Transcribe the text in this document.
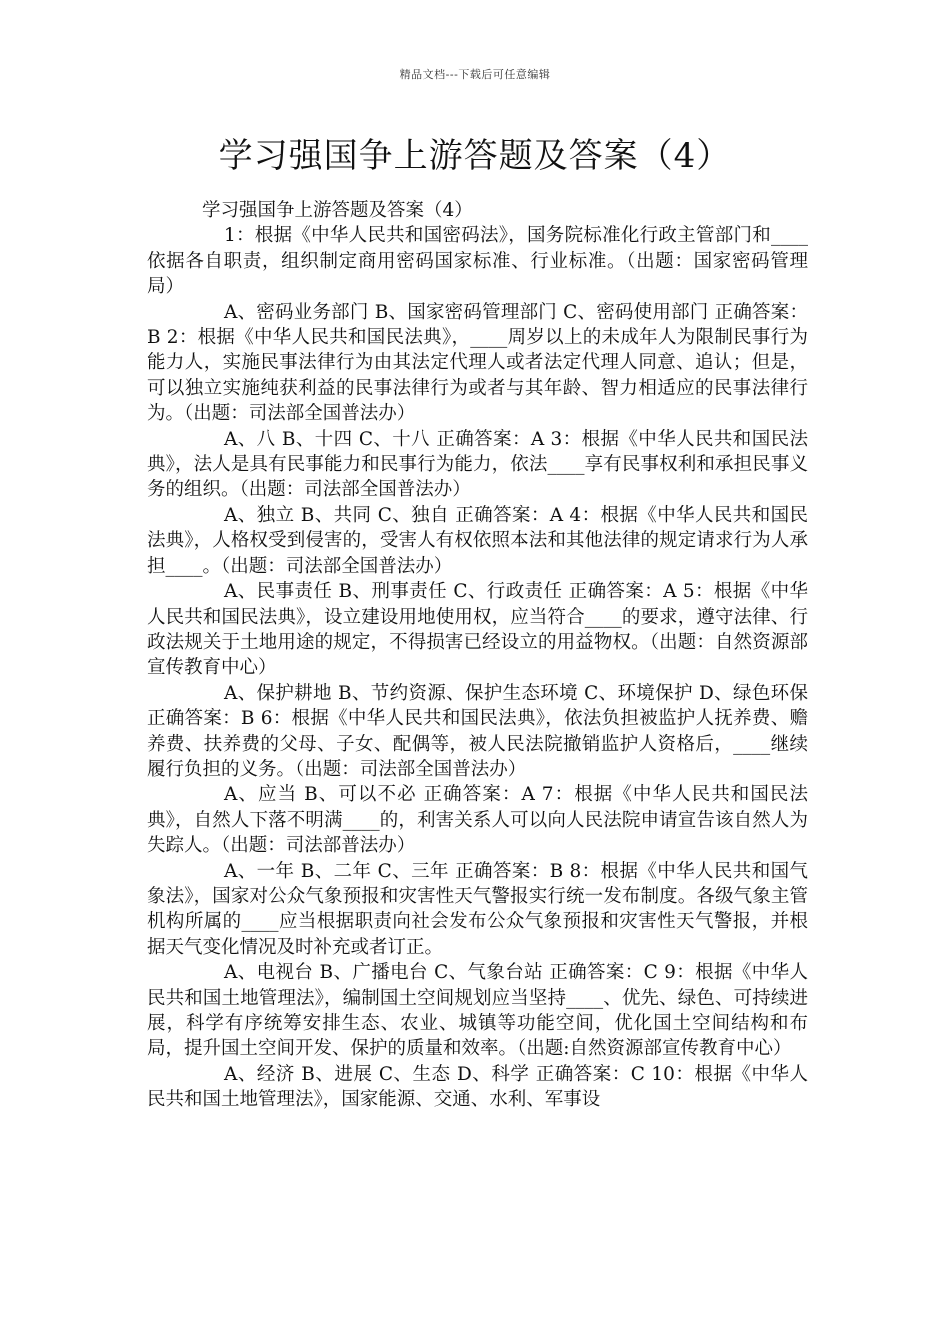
精品文档---下载后可任意编辑
学习强国争上游答题及答案（4）

学习强国争上游答题及答案（4）

1：根据《中华人民共和国密码法》，国务院标准化行政主管部门和____依据各自职责，组织制定商用密码国家标准、行业标准。（出题：国家密码管理局）

A、密码业务部门 B、国家密码管理部门 C、密码使用部门 正确答案：B 2：根据《中华人民共和国民法典》，____周岁以上的未成年人为限制民事行为能力人，实施民事法律行为由其法定代理人或者法定代理人同意、追认；但是，可以独立实施纯获利益的民事法律行为或者与其年龄、智力相适应的民事法律行为。（出题：司法部全国普法办）

A、八 B、十四 C、十八 正确答案：A 3：根据《中华人民共和国民法典》，法人是具有民事能力和民事行为能力，依法____享有民事权利和承担民事义务的组织。（出题：司法部全国普法办）

A、独立 B、共同 C、独自 正确答案：A 4：根据《中华人民共和国民法典》，人格权受到侵害的，受害人有权依照本法和其他法律的规定请求行为人承担____。（出题：司法部全国普法办）

A、民事责任 B、刑事责任 C、行政责任 正确答案：A 5：根据《中华人民共和国民法典》，设立建设用地使用权，应当符合____的要求，遵守法律、行政法规关于土地用途的规定，不得损害已经设立的用益物权。（出题：自然资源部宣传教育中心）

A、保护耕地 B、节约资源、保护生态环境 C、环境保护 D、绿色环保 正确答案：B 6：根据《中华人民共和国民法典》，依法负担被监护人抚养费、赡养费、扶养费的父母、子女、配偶等，被人民法院撤销监护人资格后，____继续履行负担的义务。（出题：司法部全国普法办）

A、应当 B、可以不必 正确答案：A 7：根据《中华人民共和国民法典》，自然人下落不明满____的，利害关系人可以向人民法院申请宣告该自然人为失踪人。（出题：司法部普法办）

A、一年 B、二年 C、三年 正确答案：B 8：根据《中华人民共和国气象法》，国家对公众气象预报和灾害性天气警报实行统一发布制度。各级气象主管机构所属的____应当根据职责向社会发布公众气象预报和灾害性天气警报，并根据天气变化情况及时补充或者订正。

A、电视台 B、广播电台 C、气象台站 正确答案：C 9：根据《中华人民共和国土地管理法》，编制国土空间规划应当坚持____、优先、绿色、可持续进展，科学有序统筹安排生态、农业、城镇等功能空间，优化国土空间结构和布局，提升国土空间开发、保护的质量和效率。（出题:自然资源部宣传教育中心）

A、经济 B、进展 C、生态 D、科学 正确答案：C 10：根据《中华人民共和国土地管理法》，国家能源、交通、水利、军事设
